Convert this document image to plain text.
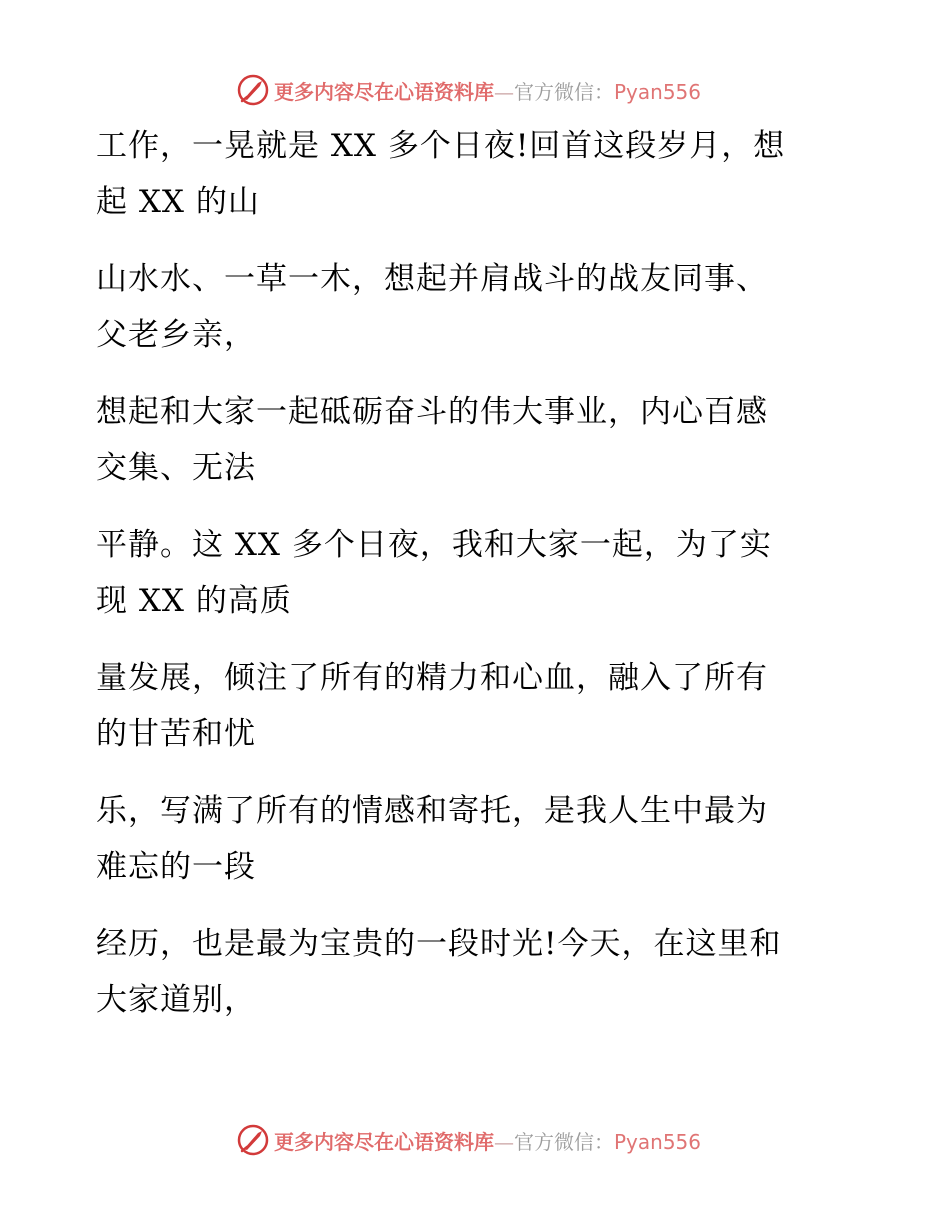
更多内容尽在心语资料库—官方微信：Pyan556

工作，一晃就是 XX 多个日夜!回首这段岁月，想
起 XX 的山

山水水、一草一木，想起并肩战斗的战友同事、
父老乡亲，

想起和大家一起砥砺奋斗的伟大事业，内心百感
交集、无法

平静。这 XX 多个日夜，我和大家一起，为了实
现 XX 的高质

量发展，倾注了所有的精力和心血，融入了所有
的甘苦和忧

乐，写满了所有的情感和寄托，是我人生中最为
难忘的一段

经历，也是最为宝贵的一段时光!今天，在这里和
大家道别，

更多内容尽在心语资料库—官方微信：Pyan556
